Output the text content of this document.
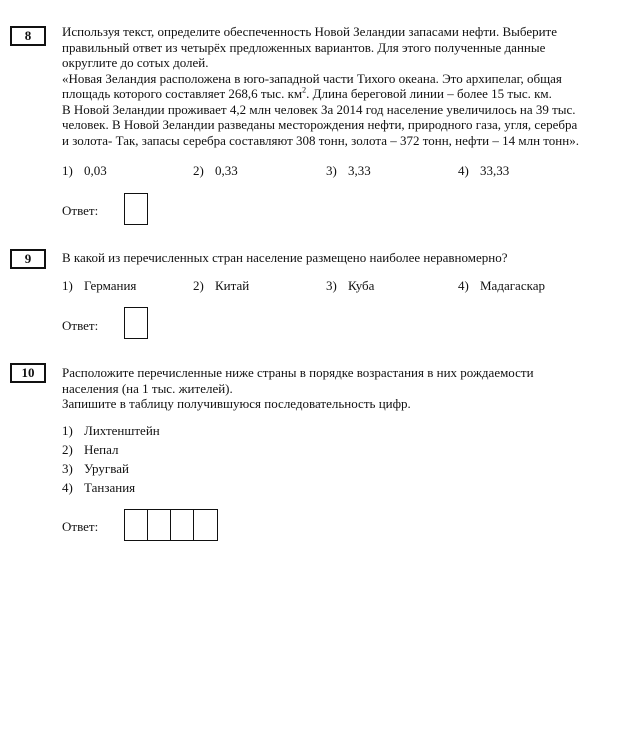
8	Используя текст, определите обеспеченность Новой Зеландии запасами нефти. Выберите
правильный ответ из четырёх предложенных вариантов. Для этого полученные данные
округлите до сотых долей.
«Новая Зеландия расположена в юго-западной части Тихого океана. Это архипелаг, общая
площадь которого составляет 268,6 тыс. $км^2$. Длина береговой линии – более 15 тыс. км.
В Новой Зеландии проживает 4,2 млн человек За 2014 год население увеличилось на 39 тыс.
человек. В Новой Зеландии разведаны месторождения нефти, природного газа, угля, серебра
и золота- Так, запасы серебра составляют 308 тонн, золота – 372 тонн, нефти – 14 млн тонн».
1) 0,03	2) 0,33	3) 3,33	4) 33,33
Ответ:
9	В какой из перечисленных стран население размещено наиболее неравномерно?
1) Германия	2) Китай	3) Куба	4) Мадагаскар
Ответ:
10	Расположите перечисленные ниже страны в порядке возрастания в них рождаемости
населения (на 1 тыс. жителей).
Запишите в таблицу получившуюся последовательность цифр.
1) Лихтенштейн
2) Непал
3) Уругвай
4) Танзания
Ответ:
